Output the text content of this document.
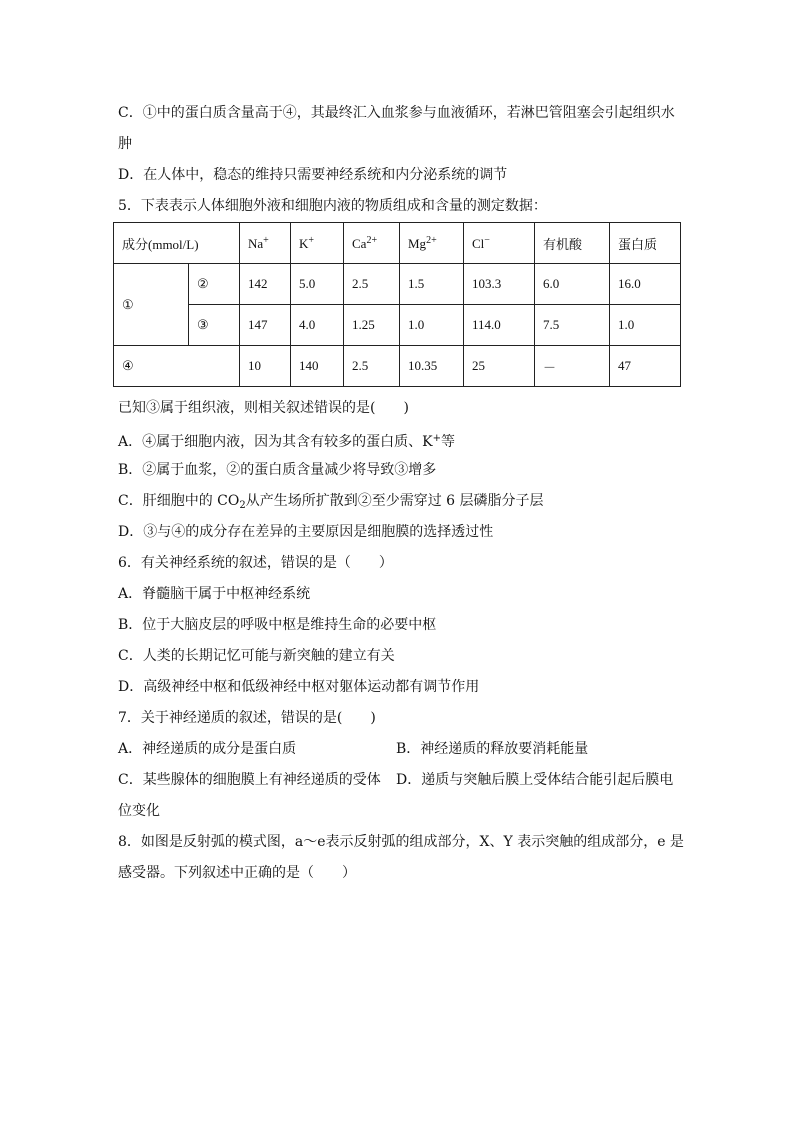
C．①中的蛋白质含量高于④，其最终汇入血浆参与血液循环，若淋巴管阻塞会引起组织水
肿
D．在人体中，稳态的维持只需要神经系统和内分泌系统的调节
5．下表表示人体细胞外液和细胞内液的物质组成和含量的测定数据：
成分(mmol/L)		Na+	K+	$Ca^{2+}$	$Mg^{2+}$	Cl−	有机酸	蛋白质
①	②	142	5.0	2.5	1.5	103.3	6.0	16.0
	③	147	4.0	1.25	1.0	114.0	7.5	1.0
④		10	140	2.5	10.35	25	－	47
已知③属于组织液，则相关叙述错误的是(　　)
A．④属于细胞内液，因为其含有较多的蛋白质、K+等
B．②属于血浆，②的蛋白质含量减少将导致③增多
C．肝细胞中的 $CO_2$从产生场所扩散到②至少需穿过 6 层磷脂分子层
D．③与④的成分存在差异的主要原因是细胞膜的选择透过性
6．有关神经系统的叙述，错误的是（　　）
A．脊髓脑干属于中枢神经系统
B．位于大脑皮层的呼吸中枢是维持生命的必要中枢
C．人类的长期记忆可能与新突触的建立有关
D．高级神经中枢和低级神经中枢对躯体运动都有调节作用
7．关于神经递质的叙述，错误的是(　　)
A．神经递质的成分是蛋白质	B．神经递质的释放要消耗能量
C．某些腺体的细胞膜上有神经递质的受体 D．递质与突触后膜上受体结合能引起后膜电
位变化
8．如图是反射弧的模式图，a～e表示反射弧的组成部分，X、Y 表示突触的组成部分，e 是
感受器。下列叙述中正确的是（　　）
